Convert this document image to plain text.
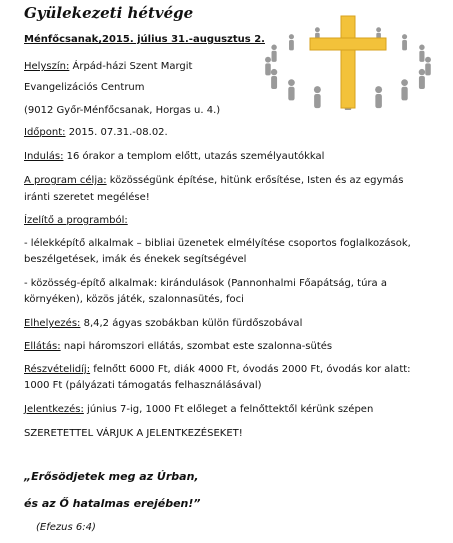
Gyülekezeti hétvége
Ménfőcsanak,2015. július 31.-augusztus 2.
Helyszín: Árpád-házi Szent Margit
Evangelizációs Centrum
(9012 Győr-Ménfőcsanak, Horgas u. 4.)
Időpont: 2015. 07.31.-08.02.
Indulás: 16 órakor a templom előtt, utazás személyautókkal
A program célja: közösségünk építése, hitünk erősítése, Isten és az egymás
iránti szeretet megélése!
Ízelítő a programból:
- lélekképítő alkalmak – bibliai üzenetek elmélyítése csoportos foglalkozások,
beszélgetések, imák és énekek segítségével
- közösség-építő alkalmak: kirándulások (Pannonhalmi Főapátság, túra a
környéken), közös játék, szalonnasütés, foci
Elhelyezés: 8,4,2 ágyas szobákban külön fürdőszobával
Ellátás: napi háromszori ellátás, szombat este szalonna-sütés
Részvételidíj: felnőtt 6000 Ft, diák 4000 Ft, óvodás 2000 Ft, óvodás kor alatt:
1000 Ft (pályázati támogatás felhasználásával)
Jelentkezés: június 7-ig, 1000 Ft előleget a felnőttektől kérünk szépen
SZERETETTEL VÁRJUK A JELENTKEZÉSEKET!
„Erősödjetek meg az Úrban,
és az Ő hatalmas erejében!”
(Efezus 6:4)
